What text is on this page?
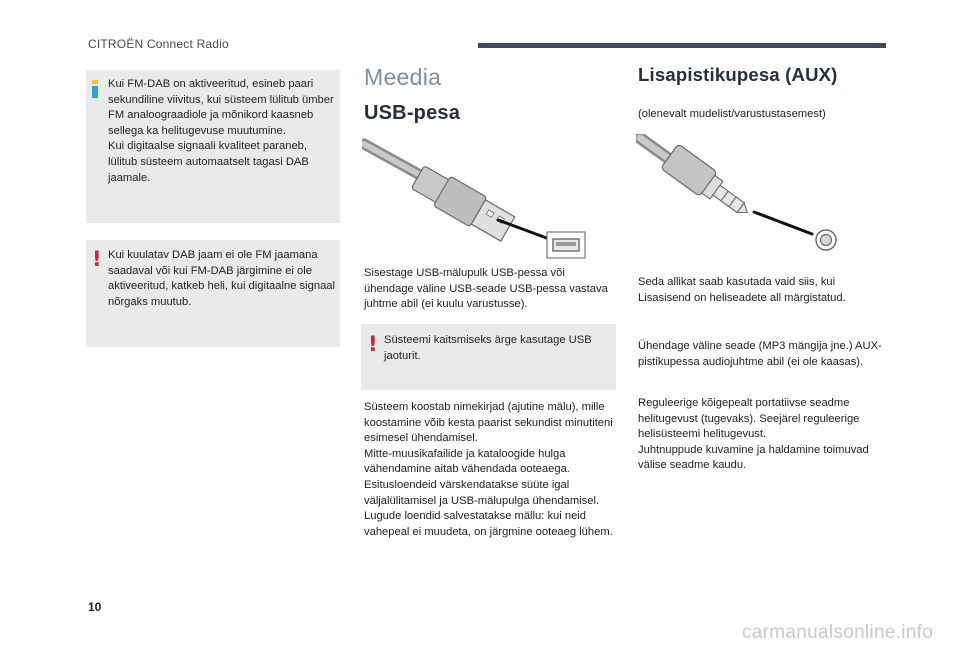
CITROËN Connect Radio
Kui FM-DAB on aktiveeritud, esineb paari sekundiline viivitus, kui süsteem lülitub ümber FM analoograadiole ja mõnikord kaasneb sellega ka helitugevuse muutumine.
Kui digitaalse signaali kvaliteet paraneb, lülitub süsteem automaatselt tagasi DAB jaamale.
! Kui kuulatav DAB jaam ei ole FM jaamana saadaval või kui FM-DAB järgimine ei ole aktiveeritud, katkeb heli, kui digitaalne signaal nõrgaks muutub.
Meedia
USB-pesa
Sisestage USB-mälupulk USB-pessa või ühendage väline USB-seade USB-pessa vastava juhtme abil (ei kuulu varustusse).
! Süsteemi kaitsmiseks ärge kasutage USB jaoturit.
Süsteem koostab nimekirjad (ajutine mälu), mille koostamine võib kesta paarist sekundist minutiteni esimesel ühendamisel.
Mitte-muusikafailide ja kataloogide hulga vähendamine aitab vähendada ooteaega.
Esitusloendeid värskendatakse süüte igal väljalülitamisel ja USB-mälupulga ühendamisel. Lugude loendid salvestatakse mällu: kui neid vahepeal ei muudeta, on järgmine ooteaeg lühem.
Lisapistikupesa (AUX)
(olenevalt mudelist/varustustasemest)
Seda allikat saab kasutada vaid siis, kui Lisasisend on heliseadete all märgistatud.
Ühendage väline seade (MP3 mängija jne.) AUX-pistikupessa audiojuhtme abil (ei ole kaasas).
Reguleerige kõigepealt portatiivse seadme helitugevust (tugevaks). Seejärel reguleerige helisüsteemi helitugevust.
Juhtnuppude kuvamine ja haldamine toimuvad välise seadme kaudu.
10
carmanualsonline.info
